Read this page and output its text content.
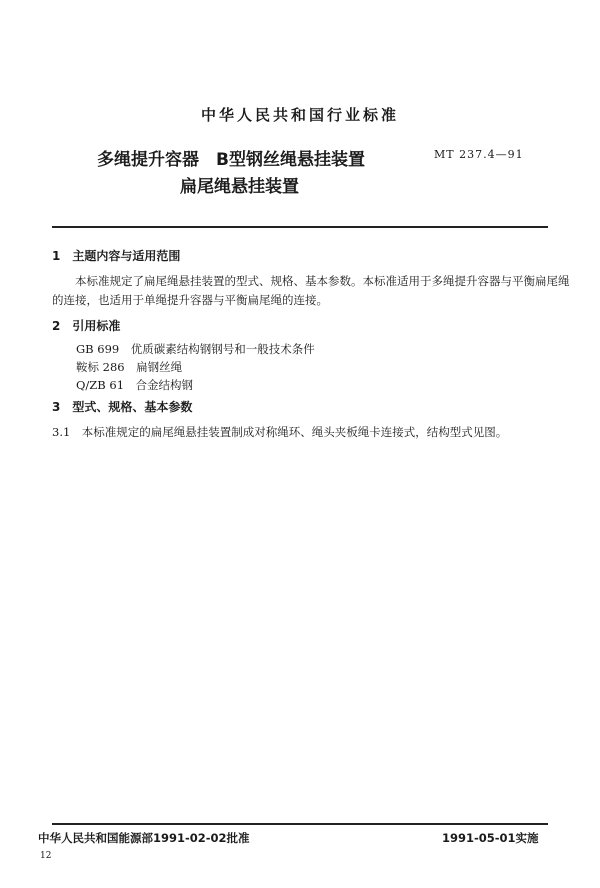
中华人民共和国行业标准
多绳提升容器　B型钢丝绳悬挂装置
扁尾绳悬挂装置
MT 237.4—91
1　主题内容与适用范围
　　本标准规定了扁尾绳悬挂装置的型式、规格、基本参数。本标准适用于多绳提升容器与平衡扁尾绳
的连接，也适用于单绳提升容器与平衡扁尾绳的连接。
2　引用标准
GB 699　优质碳素结构钢钢号和一般技术条件
鞍标 286　扁钢丝绳
Q/ZB 61　合金结构钢
3　型式、规格、基本参数
3.1　本标准规定的扁尾绳悬挂装置制成对称绳环、绳头夹板绳卡连接式，结构型式见图。
中华人民共和国能源部1991-02-02批准	1991-05-01实施
12
